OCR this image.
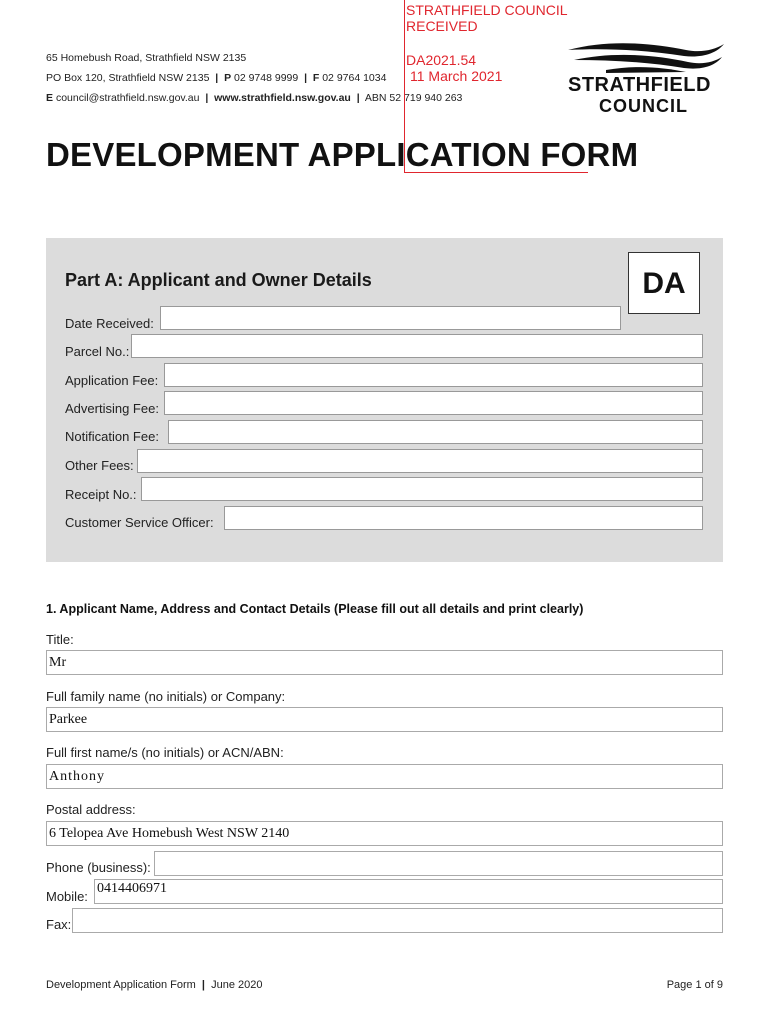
65 Homebush Road, Strathfield NSW 2135
PO Box 120, Strathfield NSW 2135 | P 02 9748 9999 | F 02 9764 1034
E council@strathfield.nsw.gov.au | www.strathfield.nsw.gov.au | ABN 52 719 940 263
STRATHFIELD COUNCIL
RECEIVED
DA2021.54
11 March 2021	STRATHFIELD
COUNCIL
DEVELOPMENT APPLICATION FORM
Part A: Applicant and Owner Details	DA
Date Received:
Parcel No.:
Application Fee:
Advertising Fee:
Notification Fee:
Other Fees:
Receipt No.:
Customer Service Officer:
1. Applicant Name, Address and Contact Details (Please fill out all details and print clearly)
Title:
Mr
Full family name (no initials) or Company:
Parkee
Full first name/s (no initials) or ACN/ABN:
Anthony
Postal address:
6 Telopea Ave Homebush West NSW 2140
Phone (business):
Mobile:
0414406971
Fax:
Development Application Form | June 2020	Page 1 of 9
